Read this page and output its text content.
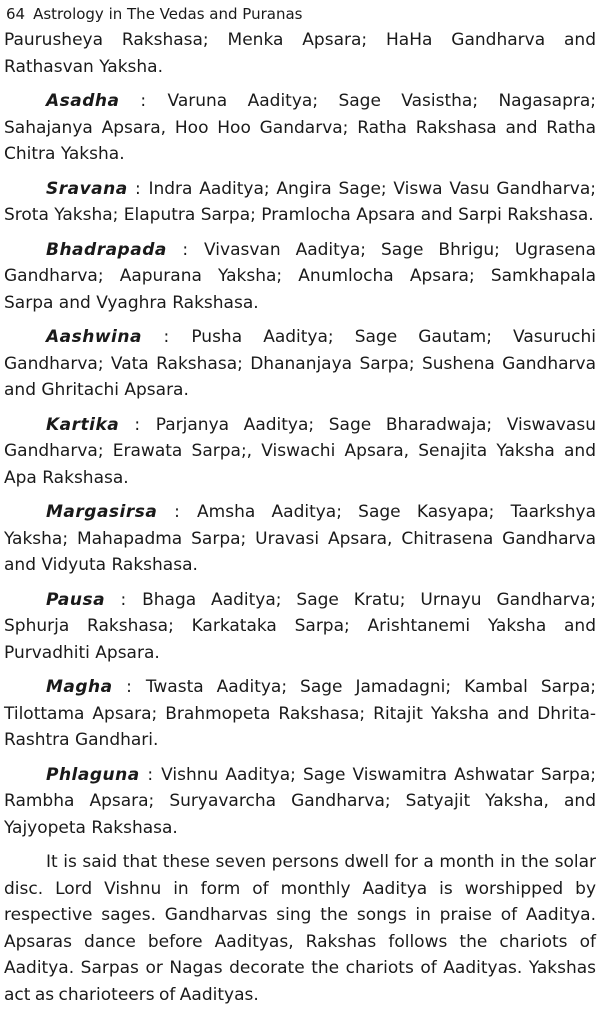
64 Astrology in The Vedas and Puranas

Paurusheya Rakshasa; Menka Apsara; HaHa Gandharva and Rathasvan Yaksha.

Asadha : Varuna Aaditya; Sage Vasistha; Nagasapra; Sahajanya Apsara, Hoo Hoo Gandarva; Ratha Rakshasa and Ratha Chitra Yaksha.

Sravana : Indra Aaditya; Angira Sage; Viswa Vasu Gandharva; Srota Yaksha; Elaputra Sarpa; Pramlocha Apsara and Sarpi Rakshasa.

Bhadrapada : Vivasvan Aaditya; Sage Bhrigu; Ugrasena Gandharva; Aapurana Yaksha; Anumlocha Apsara; Samkhapala Sarpa and Vyaghra Rakshasa.

Aashwina : Pusha Aaditya; Sage Gautam; Vasuruchi Gandharva; Vata Rakshasa; Dhananjaya Sarpa; Sushena Gandharva and Ghritachi Apsara.

Kartika : Parjanya Aaditya; Sage Bharadwaja; Viswavasu Gandharva; Erawata Sarpa;, Viswachi Apsara, Senajita Yaksha and Apa Rakshasa.

Margasirsa : Amsha Aaditya; Sage Kasyapa; Taarkshya Yaksha; Mahapadma Sarpa; Uravasi Apsara, Chitrasena Gandharva and Vidyuta Rakshasa.

Pausa : Bhaga Aaditya; Sage Kratu; Urnayu Gandharva; Sphurja Rakshasa; Karkataka Sarpa; Arishtanemi Yaksha and Purvadhiti Apsara.

Magha : Twasta Aaditya; Sage Jamadagni; Kambal Sarpa; Tilottama Apsara; Brahmopeta Rakshasa; Ritajit Yaksha and Dhrita-Rashtra Gandhari.

Phlaguna : Vishnu Aaditya; Sage Viswamitra Ashwatar Sarpa; Rambha Apsara; Suryavarcha Gandharva; Satyajit Yaksha, and Yajyopeta Rakshasa.

It is said that these seven persons dwell for a month in the solar disc. Lord Vishnu in form of monthly Aaditya is worshipped by respective sages. Gandharvas sing the songs in praise of Aaditya. Apsaras dance before Aadityas, Rakshas follows the chariots of Aaditya. Sarpas or Nagas decorate the chariots of Aadityas. Yakshas act as charioteers of Aadityas.
